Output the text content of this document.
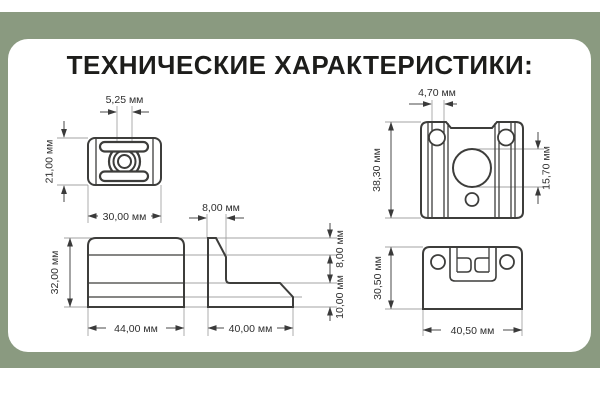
ТЕХНИЧЕСКИЕ ХАРАКТЕРИСТИКИ:
5,25 мм
21,00 мм
30,00 мм
8,00 мм
32,00 мм
8,00 мм
10,00 мм
44,00 мм	40,00 мм
4,70 мм
38,30 мм	15,70 мм
30,50 мм
40,50 мм
